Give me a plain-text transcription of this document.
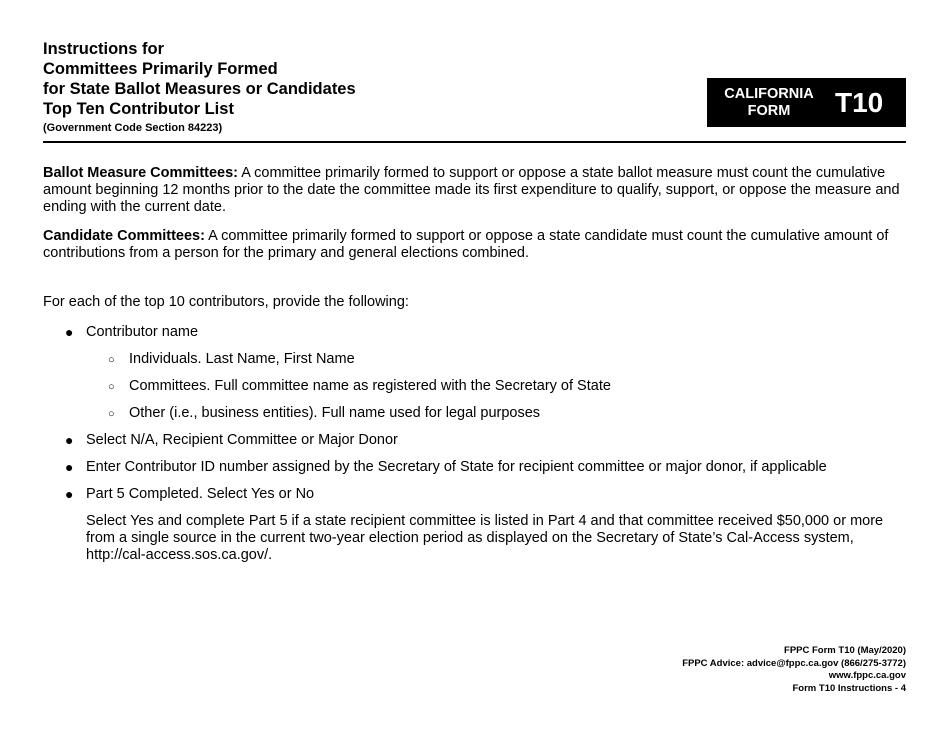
Instructions for
Committees Primarily Formed
for State Ballot Measures or Candidates
Top Ten Contributor List
(Government Code Section 84223)
CALIFORNIA
FORM	T10

Ballot Measure Committees: A committee primarily formed to support or oppose a state ballot measure must count the cumulative amount beginning 12 months prior to the date the committee made its first expenditure to qualify, support, or oppose the measure and ending with the current date.

Candidate Committees: A committee primarily formed to support or oppose a state candidate must count the cumulative amount of contributions from a person for the primary and general elections combined.

For each of the top 10 contributors, provide the following:

● Contributor name
○ Individuals. Last Name, First Name
○ Committees. Full committee name as registered with the Secretary of State
○ Other (i.e., business entities). Full name used for legal purposes
● Select N/A, Recipient Committee or Major Donor
● Enter Contributor ID number assigned by the Secretary of State for recipient committee or major donor, if applicable
● Part 5 Completed. Select Yes or No
Select Yes and complete Part 5 if a state recipient committee is listed in Part 4 and that committee received $50,000 or more from a single source in the current two-year election period as displayed on the Secretary of State’s Cal-Access system, http://cal-access.sos.ca.gov/.
FPPC Form T10 (May/2020)
FPPC Advice: advice@fppc.ca.gov (866/275-3772)
www.fppc.ca.gov
Form T10 Instructions - 4
